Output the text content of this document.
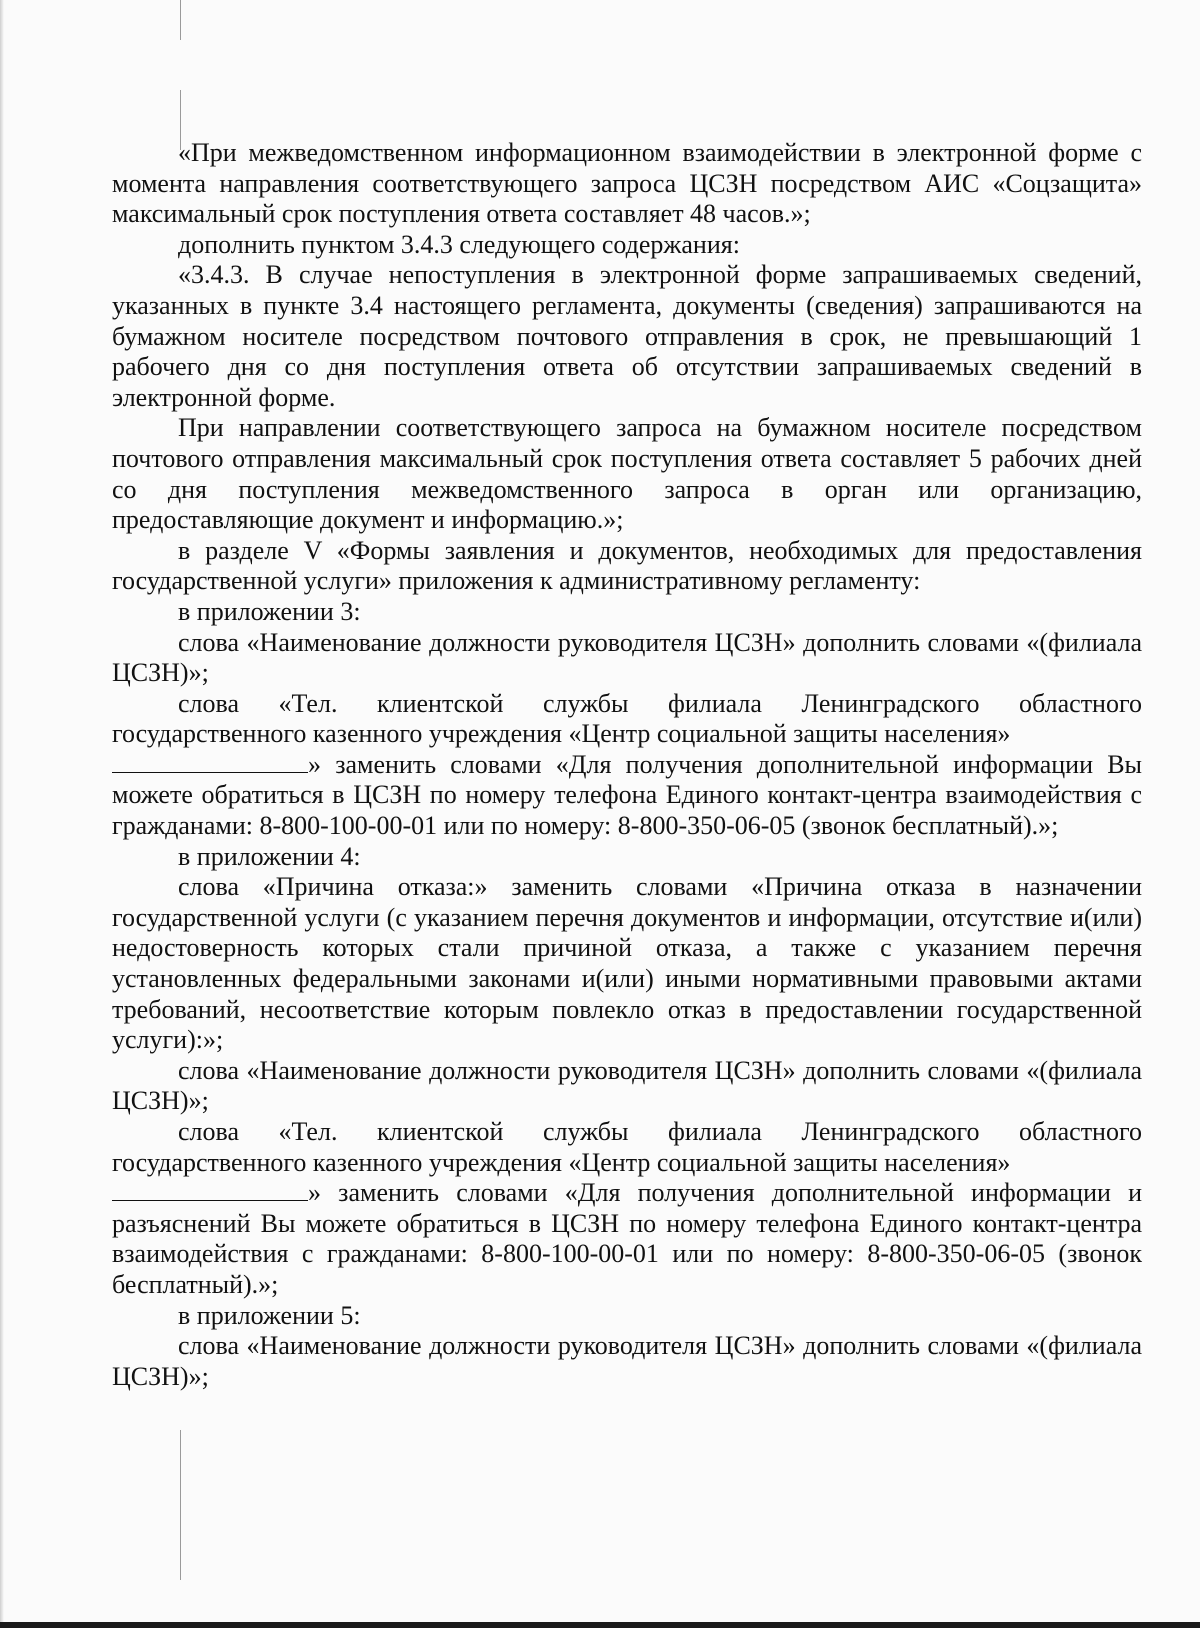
«При межведомственном информационном взаимодействии в электронной форме с момента направления соответствующего запроса ЦСЗН посредством АИС «Соцзащита» максимальный срок поступления ответа составляет 48 часов.»;

дополнить пунктом 3.4.3 следующего содержания:

«3.4.3. В случае непоступления в электронной форме запрашиваемых сведений, указанных в пункте 3.4 настоящего регламента, документы (сведения) запрашиваются на бумажном носителе посредством почтового отправления в срок, не превышающий 1 рабочего дня со дня поступления ответа об отсутствии запрашиваемых сведений в электронной форме.

При направлении соответствующего запроса на бумажном носителе посредством почтового отправления максимальный срок поступления ответа составляет 5 рабочих дней со дня поступления межведомственного запроса в орган или организацию, предоставляющие документ и информацию.»;

в разделе V «Формы заявления и документов, необходимых для предоставления государственной услуги» приложения к административному регламенту:

в приложении 3:

слова «Наименование должности руководителя ЦСЗН» дополнить словами «(филиала ЦСЗН)»;

слова «Тел. клиентской службы филиала Ленинградского областного государственного казенного учреждения «Центр социальной защиты населения»

» заменить словами «Для получения дополнительной информации Вы можете обратиться в ЦСЗН по номеру телефона Единого контакт-центра взаимодействия с гражданами: 8-800-100-00-01 или по номеру: 8-800-350-06-05 (звонок бесплатный).»;

в приложении 4:

слова «Причина отказа:» заменить словами «Причина отказа в назначении государственной услуги (с указанием перечня документов и информации, отсутствие и(или) недостоверность которых стали причиной отказа, а также с указанием перечня установленных федеральными законами и(или) иными нормативными правовыми актами требований, несоответствие которым повлекло отказ в предоставлении государственной услуги):»;

слова «Наименование должности руководителя ЦСЗН» дополнить словами «(филиала ЦСЗН)»;

слова «Тел. клиентской службы филиала Ленинградского областного государственного казенного учреждения «Центр социальной защиты населения»

» заменить словами «Для получения дополнительной информации и разъяснений Вы можете обратиться в ЦСЗН по номеру телефона Единого контакт-центра взаимодействия с гражданами: 8-800-100-00-01 или по номеру: 8-800-350-06-05 (звонок бесплатный).»;

в приложении 5:

слова «Наименование должности руководителя ЦСЗН» дополнить словами «(филиала ЦСЗН)»;
